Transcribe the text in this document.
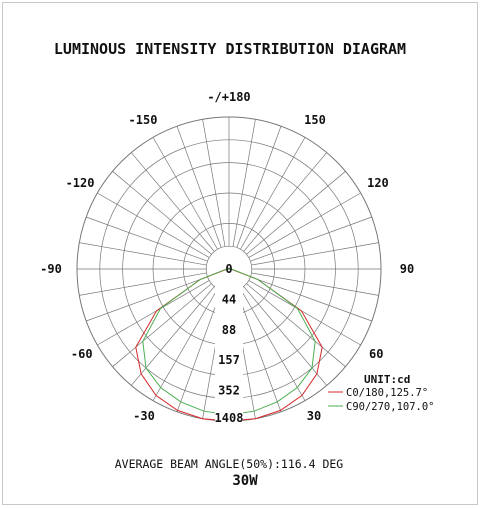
LUMINOUS INTENSITY DISTRIBUTION DIAGRAM
-/+180
150
120
90
60
30
-30
-60
-90
-120
-150
0
44
88
157
352
1408
UNIT:cd
C0/180,125.7°
C90/270,107.0°
AVERAGE BEAM ANGLE(50%):116.4 DEG
30W
